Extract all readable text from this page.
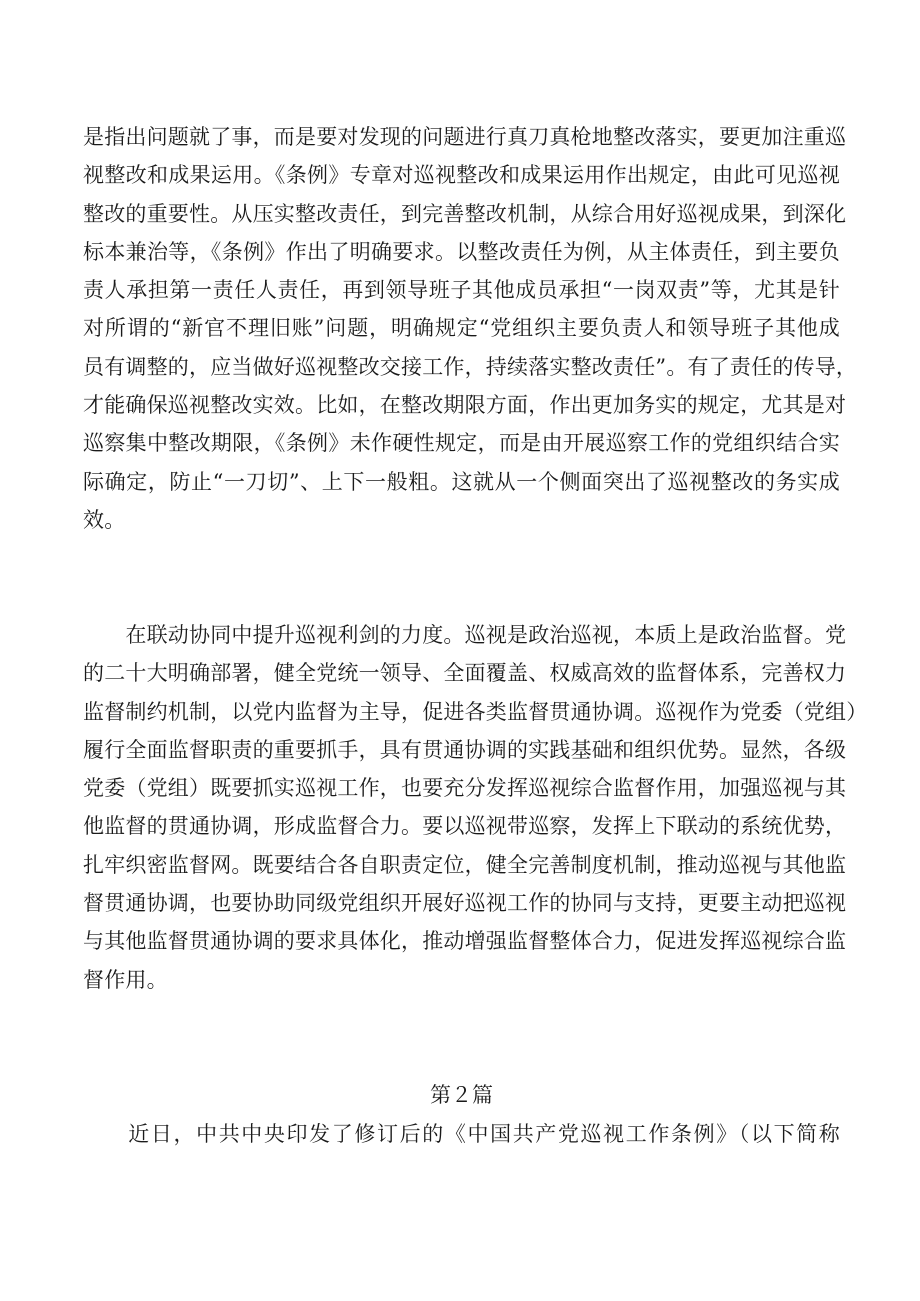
是指出问题就了事，而是要对发现的问题进行真刀真枪地整改落实，要更加注重巡
视整改和成果运用。《条例》专章对巡视整改和成果运用作出规定，由此可见巡视
整改的重要性。从压实整改责任，到完善整改机制，从综合用好巡视成果，到深化
标本兼治等，《条例》作出了明确要求。以整改责任为例，从主体责任，到主要负
责人承担第一责任人责任，再到领导班子其他成员承担“一岗双责”等，尤其是针
对所谓的“新官不理旧账”问题，明确规定“党组织主要负责人和领导班子其他成
员有调整的，应当做好巡视整改交接工作，持续落实整改责任”。有了责任的传导，
才能确保巡视整改实效。比如，在整改期限方面，作出更加务实的规定，尤其是对
巡察集中整改期限，《条例》未作硬性规定，而是由开展巡察工作的党组织结合实
际确定，防止“一刀切”、上下一般粗。这就从一个侧面突出了巡视整改的务实成
效。
　　在联动协同中提升巡视利剑的力度。巡视是政治巡视，本质上是政治监督。党
的二十大明确部署，健全党统一领导、全面覆盖、权威高效的监督体系，完善权力
监督制约机制，以党内监督为主导，促进各类监督贯通协调。巡视作为党委（党组）
履行全面监督职责的重要抓手，具有贯通协调的实践基础和组织优势。显然，各级
党委（党组）既要抓实巡视工作，也要充分发挥巡视综合监督作用，加强巡视与其
他监督的贯通协调，形成监督合力。要以巡视带巡察，发挥上下联动的系统优势，
扎牢织密监督网。既要结合各自职责定位，健全完善制度机制，推动巡视与其他监
督贯通协调，也要协助同级党组织开展好巡视工作的协同与支持，更要主动把巡视
与其他监督贯通协调的要求具体化，推动增强监督整体合力，促进发挥巡视综合监
督作用。
第２篇
　　近日，中共中央印发了修订后的《中国共产党巡视工作条例》（以下简称
